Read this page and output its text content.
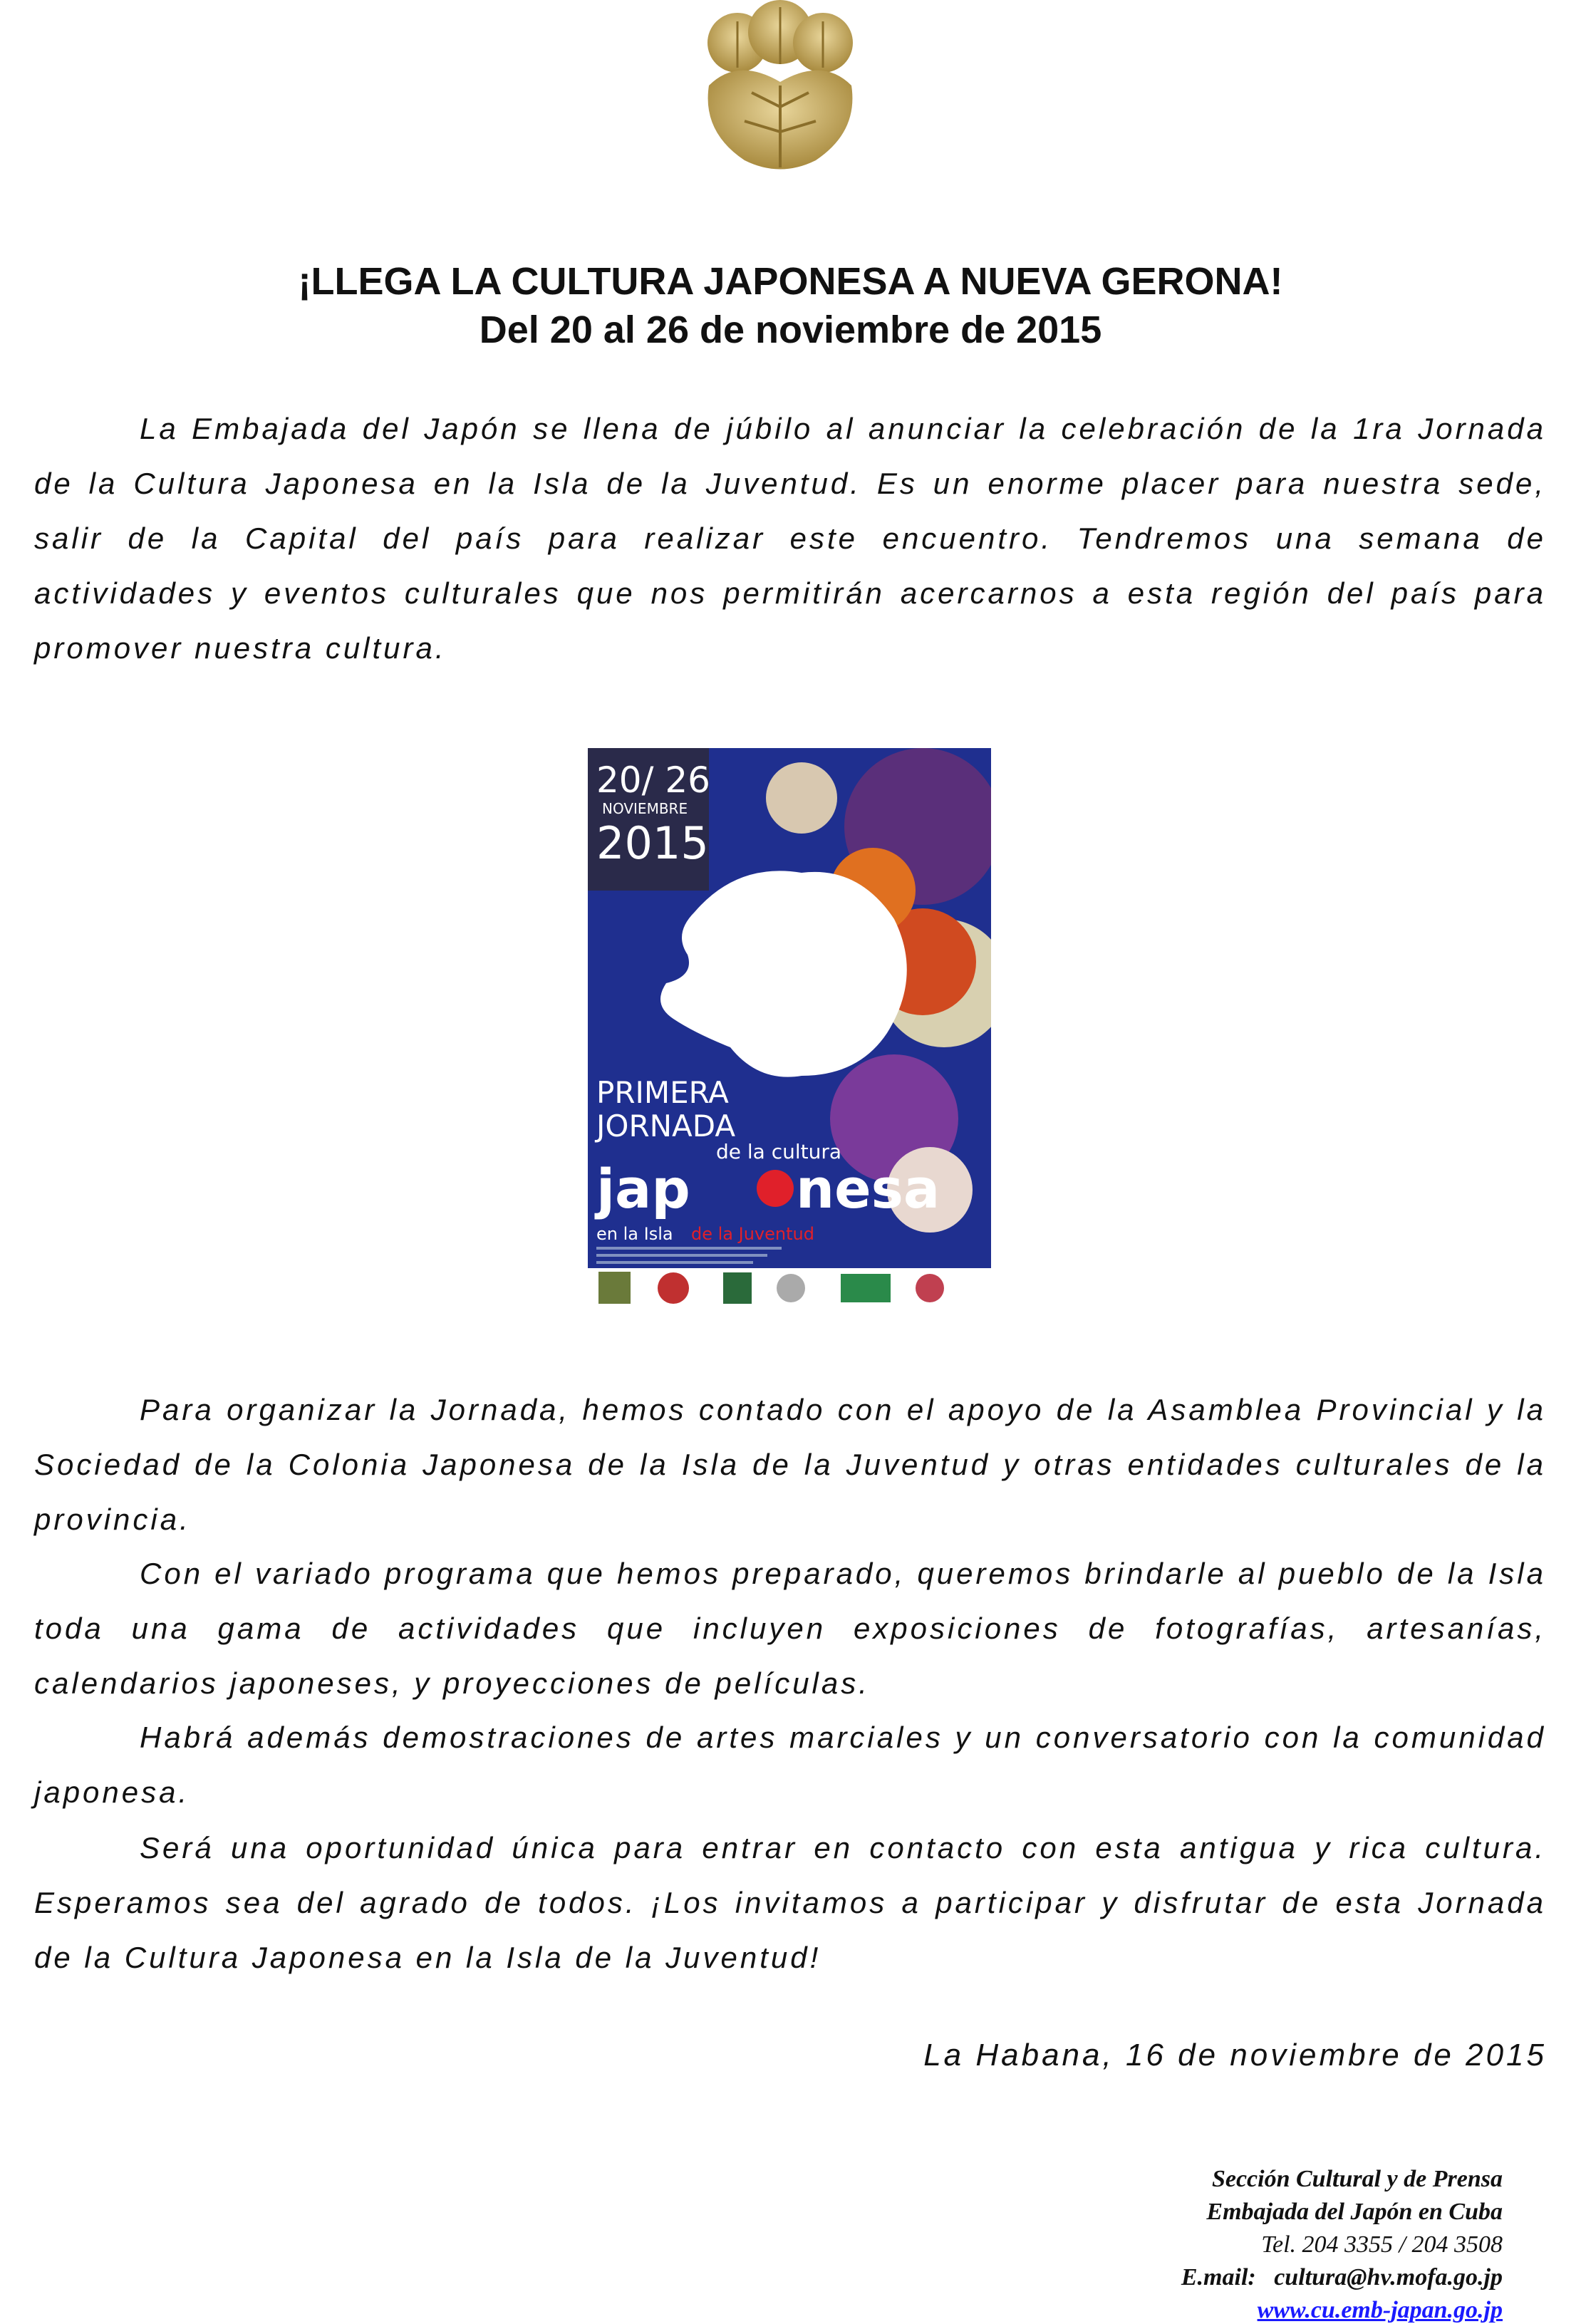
¡LLEGA LA CULTURA JAPONESA A NUEVA GERONA!
Del 20 al 26 de noviembre de 2015

La Embajada del Japón se llena de júbilo al anunciar la celebración de la 1ra Jornada de la Cultura Japonesa en la Isla de la Juventud. Es un enorme placer para nuestra sede, salir de la Capital del país para realizar este encuentro. Tendremos una semana de actividades y eventos culturales que nos permitirán acercarnos a esta región del país para promover nuestra cultura.

20/ 26
NOVIEMBRE
2015
PRIMERA
JORNADA
de la cultura
jap nesa
en la Isla de la Juventud

Para organizar la Jornada, hemos contado con el apoyo de la Asamblea Provincial y la Sociedad de la Colonia Japonesa de la Isla de la Juventud y otras entidades culturales de la provincia.

Con el variado programa que hemos preparado, queremos brindarle al pueblo de la Isla toda una gama de actividades que incluyen exposiciones de fotografías, artesanías, calendarios japoneses, y proyecciones de películas.

Habrá además demostraciones de artes marciales y un conversatorio con la comunidad japonesa.

Será una oportunidad única para entrar en contacto con esta antigua y rica cultura. Esperamos sea del agrado de todos. ¡Los invitamos a participar y disfrutar de esta Jornada de la Cultura Japonesa en la Isla de la Juventud!

La Habana, 16 de noviembre de 2015
Sección Cultural y de Prensa
Embajada del Japón en Cuba
Tel. 204 3355 / 204 3508
E.mail: cultura@hv.mofa.go.jp
www.cu.emb-japan.go.jp
